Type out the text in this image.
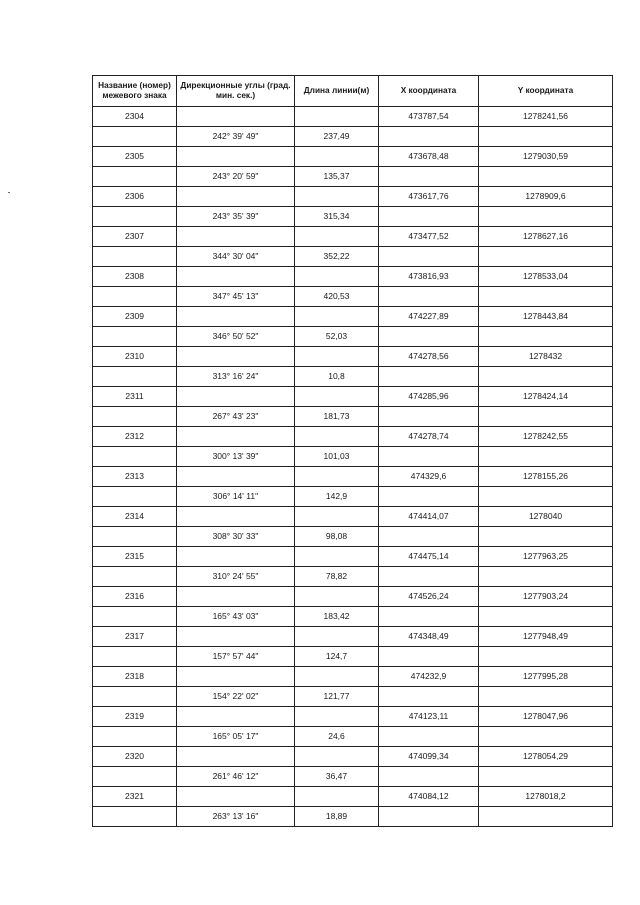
Название (номер) межевого знака	Дирекционные углы (град. мин. сек.)	Длина линии(м)	X координата	Y координата
2304			473787,54	1278241,56
	242° 39' 49"	237,49		
2305			473678,48	1279030,59
	243° 20' 59"	135,37		
2306			473617,76	1278909,6
	243° 35' 39"	315,34		
2307			473477,52	1278627,16
	344° 30' 04"	352,22		
2308			473816,93	1278533,04
	347° 45' 13"	420,53		
2309			474227,89	1278443,84
	346° 50' 52"	52,03		
2310			474278,56	1278432
	313° 16' 24"	10,8		
2311			474285,96	1278424,14
	267° 43' 23"	181,73		
2312			474278,74	1278242,55
	300° 13' 39"	101,03		
2313			474329,6	1278155,26
	306° 14' 11"	142,9		
2314			474414,07	1278040
	308° 30' 33"	98,08		
2315			474475,14	1277963,25
	310° 24' 55"	78,82		
2316			474526,24	1277903,24
	165° 43' 03"	183,42		
2317			474348,49	1277948,49
	157° 57' 44"	124,7		
2318			474232,9	1277995,28
	154° 22' 02"	121,77		
2319			474123,11	1278047,96
	165° 05' 17"	24,6		
2320			474099,34	1278054,29
	261° 46' 12"	36,47		
2321			474084,12	1278018,2
	263° 13' 16"	18,89		
